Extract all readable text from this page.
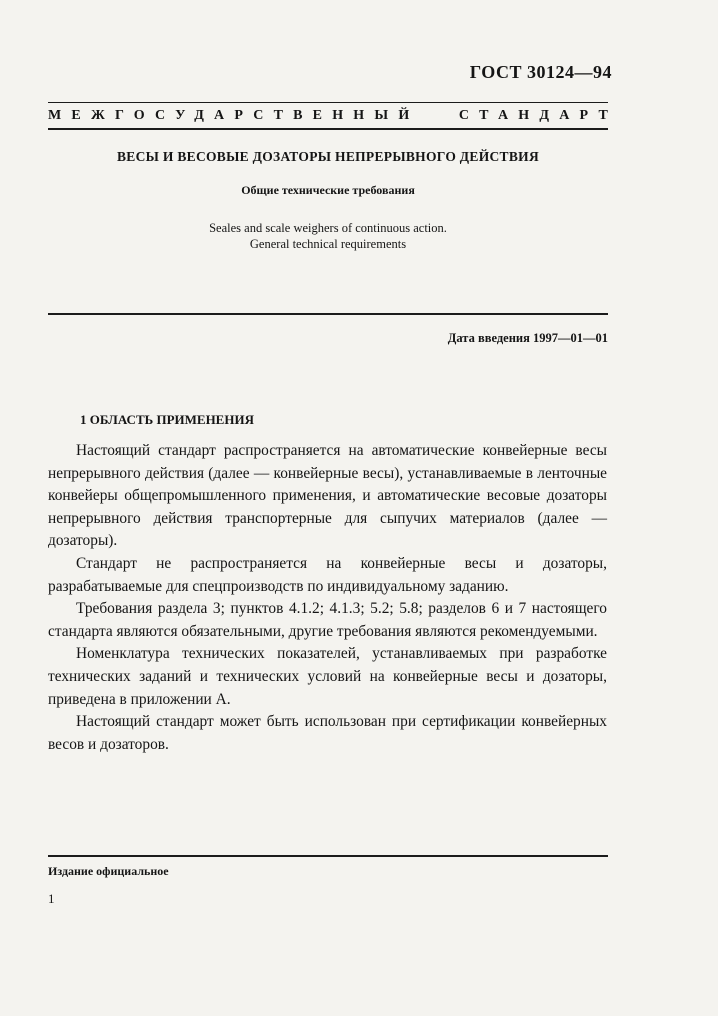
ГОСТ 30124—94
МЕЖГОСУДАРСТВЕННЫЙ	СТАНДАРТ
ВЕСЫ И ВЕСОВЫЕ ДОЗАТОРЫ НЕПРЕРЫВНОГО ДЕЙСТВИЯ
Общие технические требования
Seales and scale weighers of continuous action.
General technical requirements
Дата введения 1997—01—01
1 ОБЛАСТЬ ПРИМЕНЕНИЯ

Настоящий стандарт распространяется на автоматические конвейерные весы непрерывного действия (далее — конвейерные весы), устанавливаемые в ленточные конвейеры общепромышленного применения, и автоматические весовые дозаторы непрерывного действия транспортерные для сыпучих материалов (далее — дозаторы).

Стандарт не распространяется на конвейерные весы и дозаторы, разрабатываемые для спецпроизводств по индивидуальному заданию.

Требования раздела 3; пунктов 4.1.2; 4.1.3; 5.2; 5.8; разделов 6 и 7 настоящего стандарта являются обязательными, другие требования являются рекомендуемыми.

Номенклатура технических показателей, устанавливаемых при разработке технических заданий и технических условий на конвейерные весы и дозаторы, приведена в приложении А.

Настоящий стандарт может быть использован при сертификации конвейерных весов и дозаторов.

Издание официальное
1
